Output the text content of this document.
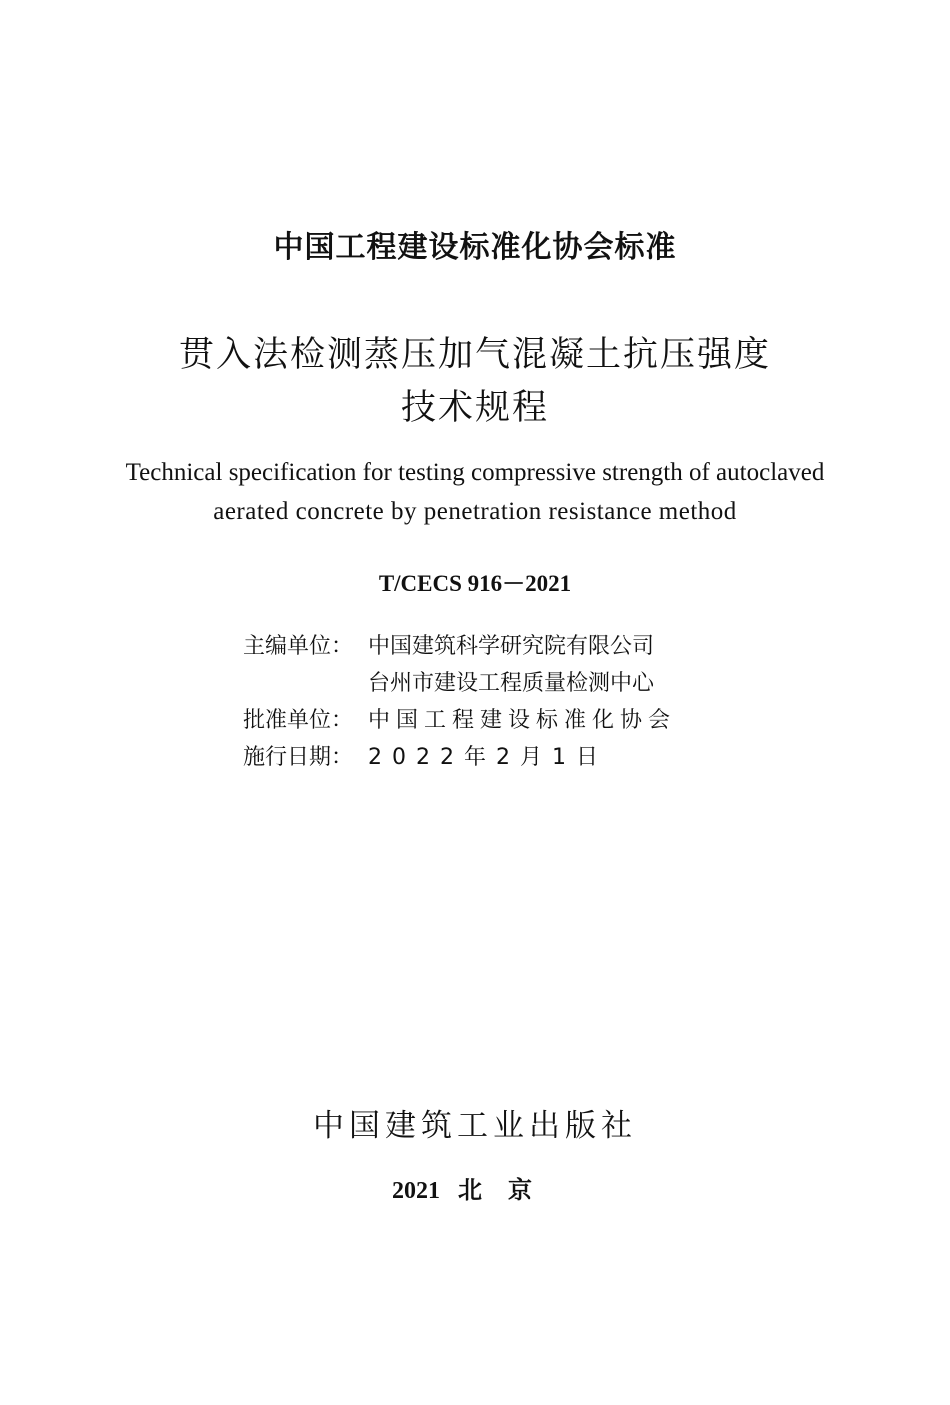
中国工程建设标准化协会标准
贯入法检测蒸压加气混凝土抗压强度
技术规程
Technical specification for testing compressive strength of autoclaved
aerated concrete by penetration resistance method
T/CECS 916－2021
主编单位： 中国建筑科学研究院有限公司
台州市建设工程质量检测中心
批准单位： 中国工程建设标准化协会
施行日期： 2022年2月1日
中国建筑工业出版社
2021 北京
